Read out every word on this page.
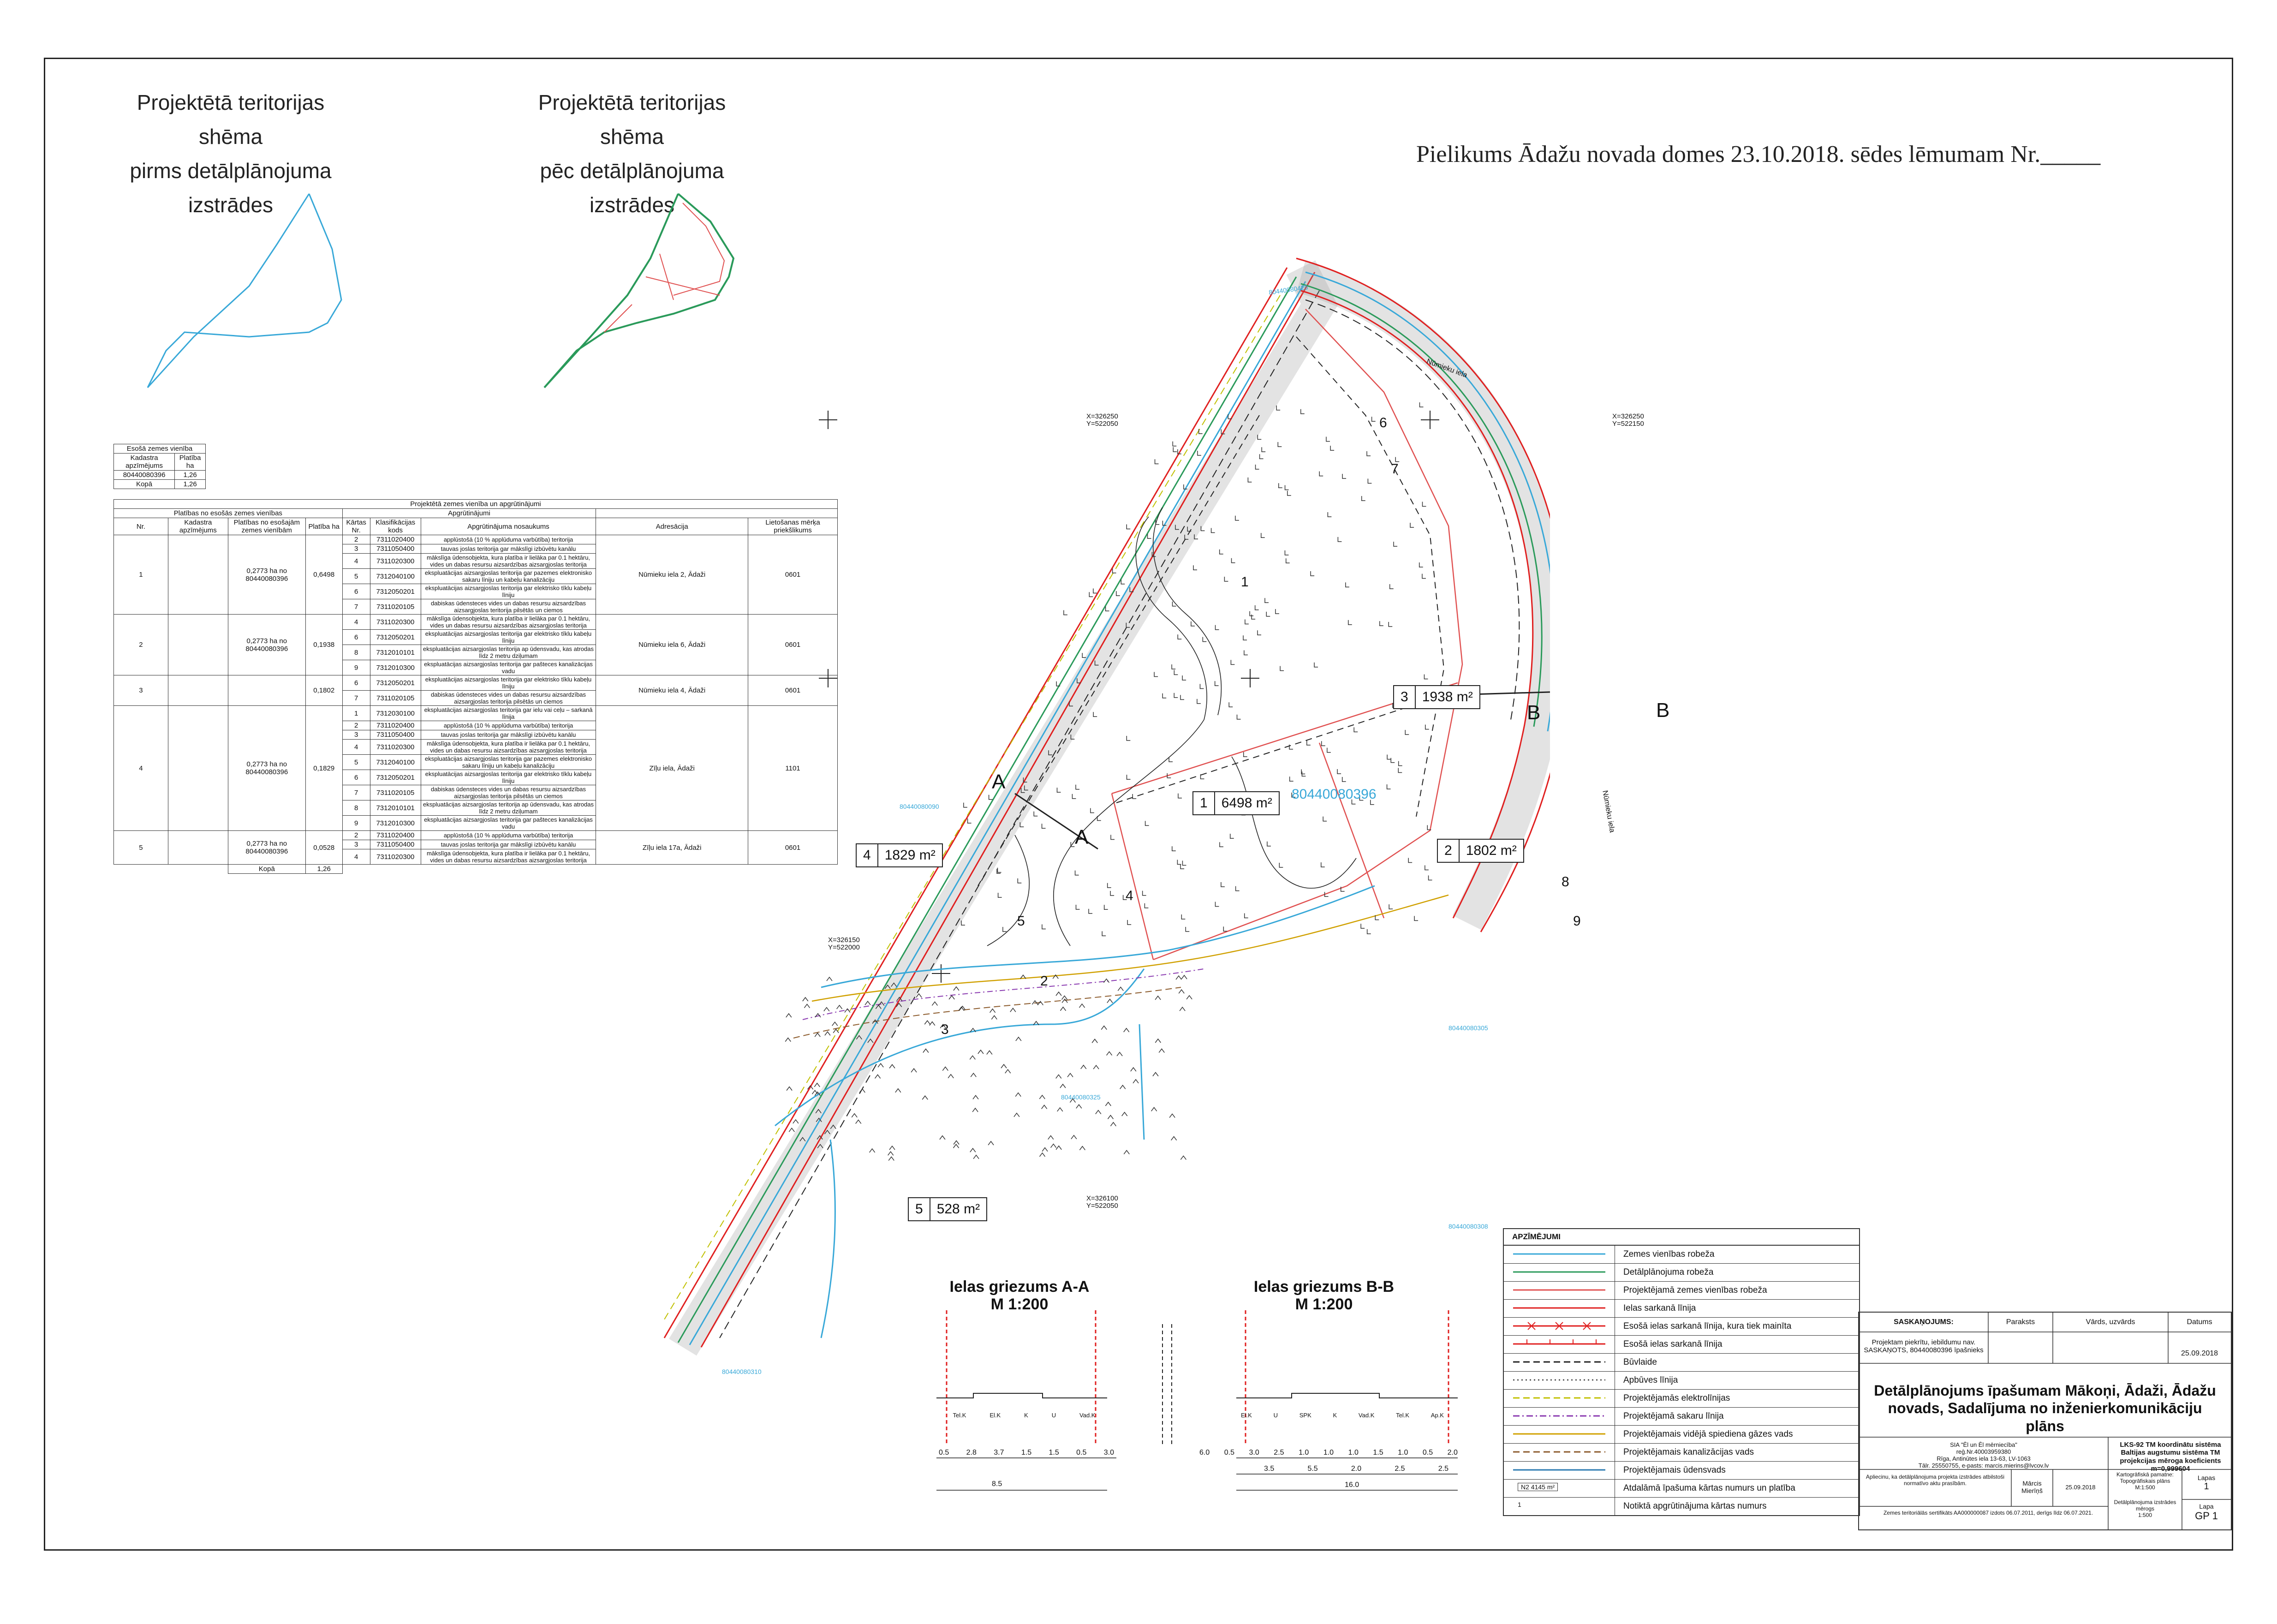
Projektētā teritorijas shēma
pirms detālplānojuma
izstrādes
Projektētā teritorijas shēma
pēc detālplānojuma
izstrādes
Pielikums Ādažu novada domes 23.10.2018. sēdes lēmumam Nr._____
Esošā zemes vienība	
Kadastra apzīmējums	Platība ha
80440080396	1,26
Kopā	1,26
Projektētā zemes vienība un apgrūtinājumi								
Platības no esošās zemes vienības				Apgrūtinājumi				
Nr.	Kadastra apzīmējums	Platības no esošajām zemes vienībām	Platība ha	Kārtas Nr.	Klasifikācijas kods	Apgrūtinājuma nosaukums	Adresācija	Lietošanas mērķa priekšlikums
1		0,2773 ha no 80440080396	0,6498	2	7311020400	applūstošā (10 % applūduma varbūtība) teritorija	Nūmieku iela 2, Ādaži	0601
				3	7311050400	tauvas joslas teritorija gar mākslīgi izbūvētu kanālu		
				4	7311020300	mākslīga ūdensobjekta, kura platība ir lielāka par 0.1 hektāru, vides un dabas resursu aizsardzības aizsargjoslas teritorija		
				5	7312040100	ekspluatācijas aizsargjoslas teritorija gar pazemes elektronisko sakaru līniju un kabeļu kanalizāciju		
				6	7312050201	ekspluatācijas aizsargjoslas teritorija gar elektrisko tīklu kabeļu līniju		
				7	7311020105	dabiskas ūdensteces vides un dabas resursu aizsardzības aizsargjoslas teritorija pilsētās un ciemos		
2		0,2773 ha no 80440080396	0,1938	4	7311020300	mākslīga ūdensobjekta, kura platība ir lielāka par 0.1 hektāru, vides un dabas resursu aizsardzības aizsargjoslas teritorija	Nūmieku iela 6, Ādaži	0601
				6	7312050201	ekspluatācijas aizsargjoslas teritorija gar elektrisko tīklu kabeļu līniju		
				8	7312010101	ekspluatācijas aizsargjoslas teritorija ap ūdensvadu, kas atrodas līdz 2 metru dziļumam		
				9	7312010300	ekspluatācijas aizsargjoslas teritorija gar pašteces kanalizācijas vadu		
3			0,1802	6	7312050201	ekspluatācijas aizsargjoslas teritorija gar elektrisko tīklu kabeļu līniju	Nūmieku iela 4, Ādaži	0601
				7	7311020105	dabiskas ūdensteces vides un dabas resursu aizsardzības aizsargjoslas teritorija pilsētās un ciemos		
4		0,2773 ha no 80440080396	0,1829	1	7312030100	ekspluatācijas aizsargjoslas teritorija gar ielu vai ceļu – sarkanā līnija	Zīļu iela, Ādaži	1101
				2	7311020400	applūstošā (10 % applūduma varbūtība) teritorija		
				3	7311050400	tauvas joslas teritorija gar mākslīgi izbūvētu kanālu		
				4	7311020300	mākslīga ūdensobjekta, kura platība ir lielāka par 0.1 hektāru, vides un dabas resursu aizsardzības aizsargjoslas teritorija		
				5	7312040100	ekspluatācijas aizsargjoslas teritorija gar pazemes elektronisko sakaru līniju un kabeļu kanalizāciju		
				6	7312050201	ekspluatācijas aizsargjoslas teritorija gar elektrisko tīklu kabeļu līniju		
				7	7311020105	dabiskas ūdensteces vides un dabas resursu aizsardzības aizsargjoslas teritorija pilsētās un ciemos		
				8	7312010101	ekspluatācijas aizsargjoslas teritorija ap ūdensvadu, kas atrodas līdz 2 metru dziļumam		
				9	7312010300	ekspluatācijas aizsargjoslas teritorija gar pašteces kanalizācijas vadu		
5		0,2773 ha no 80440080396	0,0528	2	7311020400	applūstošā (10 % applūduma varbūtība) teritorija	Zīļu iela 17a, Ādaži	0601
				3	7311050400	tauvas joslas teritorija gar mākslīgi izbūvētu kanālu		
				4	7311020300	mākslīga ūdensobjekta, kura platība ir lielāka par 0.1 hektāru, vides un dabas resursu aizsardzības aizsargjoslas teritorija		
		Kopā	1,26					
Nūmieku iela
Nūmieku iela
80440080396
80440080425
80440080090
80440080305
80440080325
80440080310
80440080308
X=326250
Y=522050
X=326250
Y=522150
X=326150
Y=522000
X=326100
Y=522050
A
A
B	B
1
2
3
4
5
6
7
8
9
1	6498 m²
2	1802 m²
3	1938 m²
4	1829 m²
5	528 m²
Ielas griezums A-A
M 1:200
Tel.K	El.K	K	U	Vad.K
0.5 2.8 3.7 1.5 1.5 0.5 3.0
8.5
Ielas griezums B-B
M 1:200
El.K	U	SPK	K	Vad.K	Tel.K	Ap.K
6.0 0.5 3.0 2.5 1.0 1.0 1.0 1.5 1.0 0.5 2.0
3.5	5.5	2.0	2.5	2.5
16.0
APZĪMĒJUMI
Zemes vienības robeža
Detālplānojuma robeža
Projektējamā zemes vienības robeža
Ielas sarkanā līnija
Esošā ielas sarkanā līnija, kura tiek mainīta
Esošā ielas sarkanā līnija
Būvlaide
Apbūves līnija
Projektējamās elektrolīnijas
Projektējamā sakaru līnija
Projektējamais vidējā spiediena gāzes vads
Projektējamais kanalizācijas vads
Projektējamais ūdensvads
N2 4145 m²	Atdalāmā īpašuma kārtas numurs un platība
1	Notiktā apgrūtinājuma kārtas numurs
SASKAŅOJUMS:	Paraksts	Vārds, uzvārds	Datums
Projektam piekrītu, iebildumu nav. SASKAŅOTS, 80440080396 īpašnieks	25.09.2018
Detālplānojums īpašumam Mākoņi, Ādaži, Ādažu novads, Sadalījuma no inženierkomunikāciju plāns
SIA "Ēl un Ēl mērniecība"
reģ.Nr.40003959380
Rīga, Antinūtes iela 13-63, LV-1063
Tālr. 25550755, e-pasts: marcis.mierins@lvcov.lv
LKS-92 TM koordinātu sistēma Baltijas augstumu sistēma TM projekcijas mēroga koeficients m=0,999604
Apliecinu, ka detālplānojuma projekta izstrādes atbilstoši normatīvo aktu prasībām.	Mārcis
Mierīņš	25.09.2018
Zemes teritoriālās sertifikāts AA000000087 izdots 06.07.2011, derīgs līdz 06.07.2021.
Kartogrāfiskā pamatne: Topogrāfiskais plāns M:1:500
Detālplānojuma izstrādes mērogs
1:500
Lapas
1
Lapa
GP 1
